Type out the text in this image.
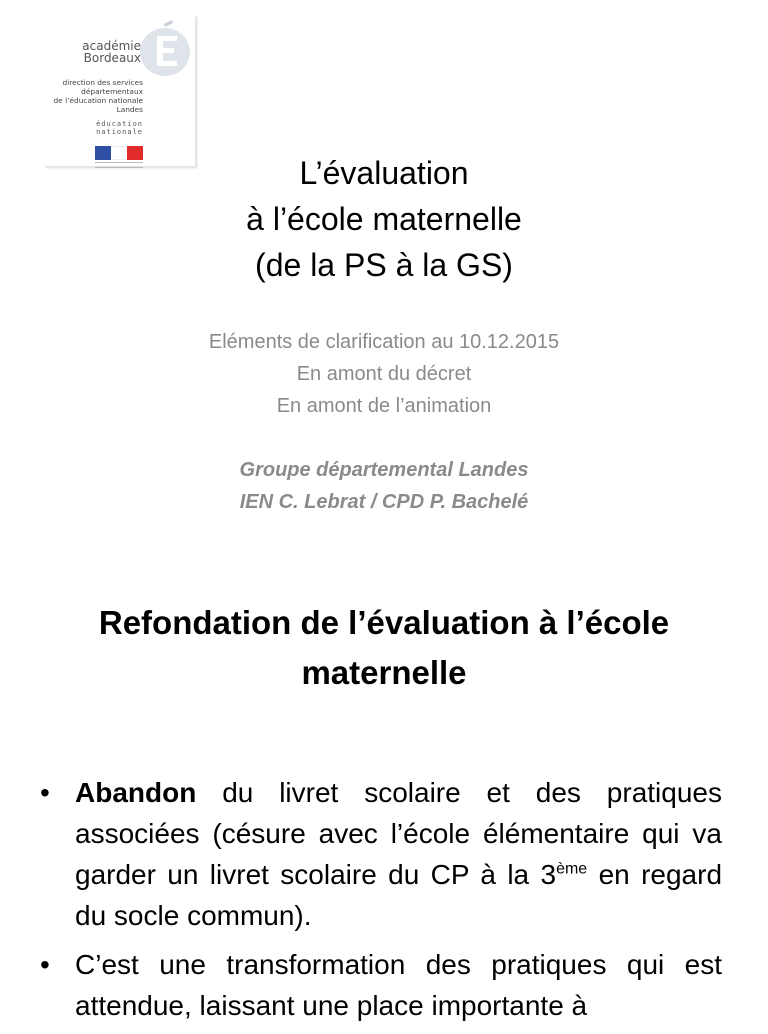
académie
Bordeaux
direction des services
départementaux
de l’éducation nationale
Landes
éducation
nationale
L’évaluation
à l’école maternelle
(de la PS à la GS)
Eléments de clarification au 10.12.2015
En amont du décret
En amont de l’animation
Groupe départemental Landes
IEN C. Lebrat / CPD P. Bachelé
Refondation de l’évaluation à l’école
maternelle
• Abandon du livret scolaire et des pratiques associées (césure avec l’école élémentaire qui va garder un livret scolaire du CP à la 3ème en regard du socle commun).
• C’est une transformation des pratiques qui est attendue, laissant une place importante à
